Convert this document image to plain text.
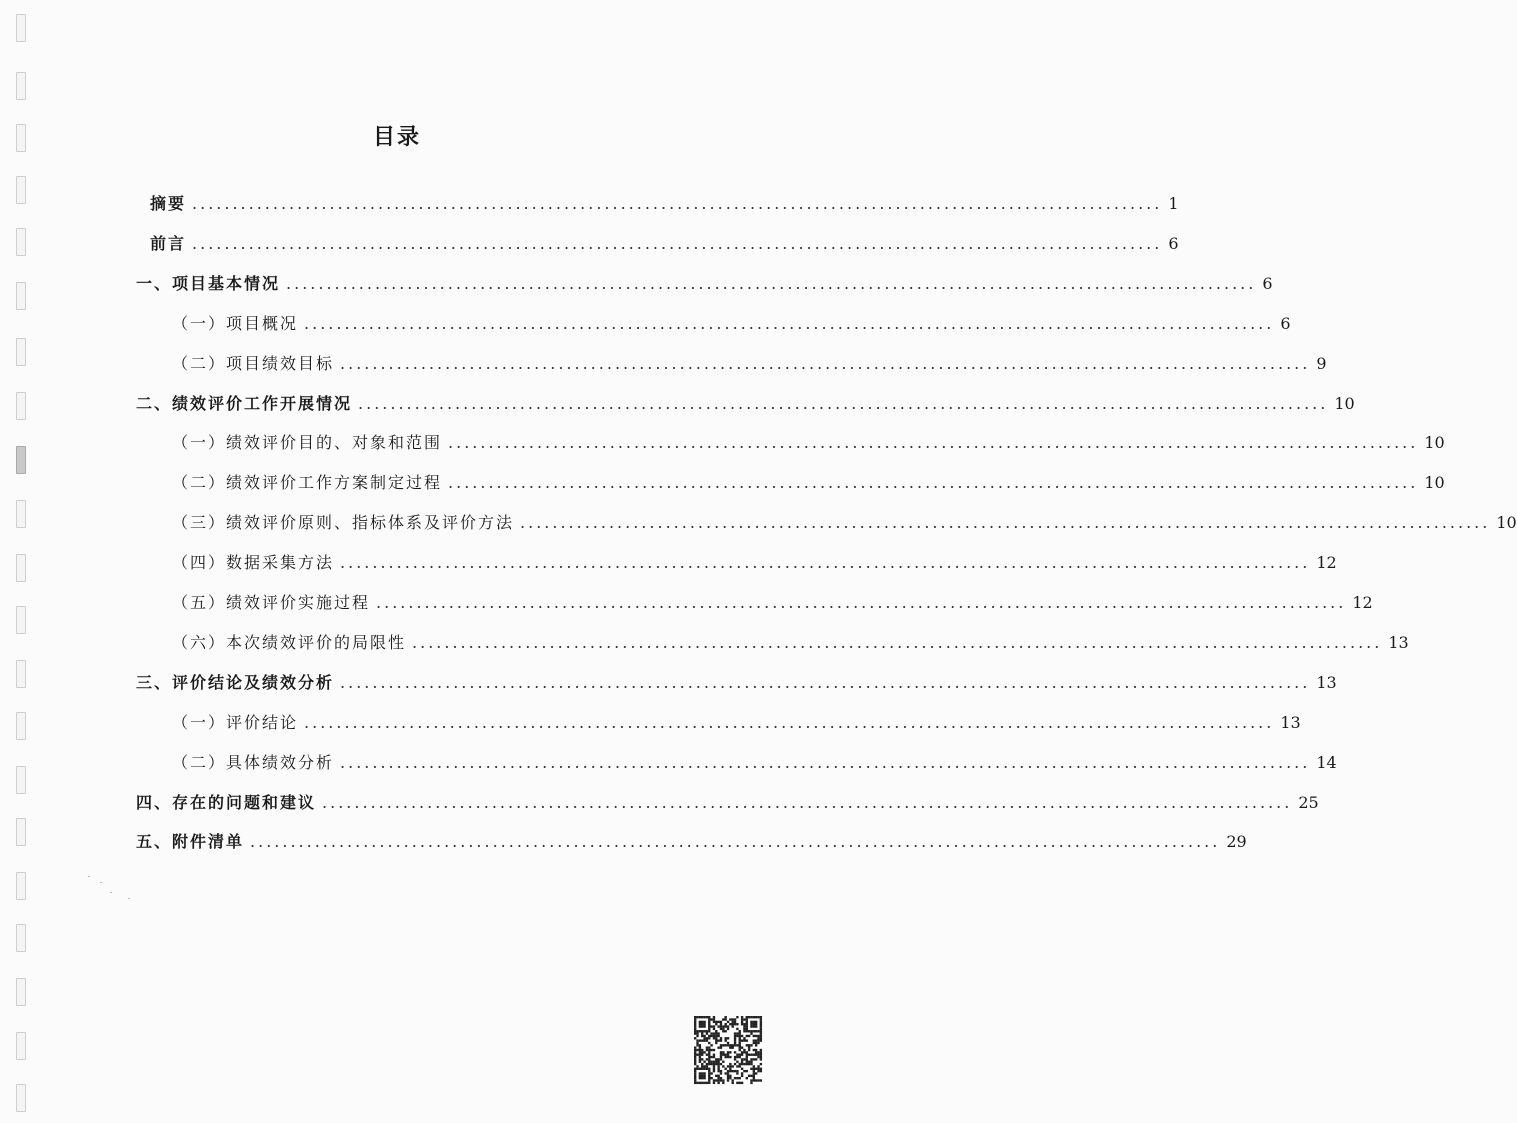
目录
摘要 ........................................................................................................................ 1
前言 ........................................................................................................................ 6
一、项目基本情况 ........................................................................................................................ 6
（一）项目概况 ........................................................................................................................ 6
（二）项目绩效目标 ........................................................................................................................ 9
二、绩效评价工作开展情况 ........................................................................................................................ 10
（一）绩效评价目的、对象和范围 ........................................................................................................................ 10
（二）绩效评价工作方案制定过程 ........................................................................................................................ 10
（三）绩效评价原则、指标体系及评价方法 ........................................................................................................................ 10
（四）数据采集方法 ........................................................................................................................ 12
（五）绩效评价实施过程 ........................................................................................................................ 12
（六）本次绩效评价的局限性 ........................................................................................................................ 13
三、评价结论及绩效分析 ........................................................................................................................ 13
（一）评价结论 ........................................................................................................................ 13
（二）具体绩效分析 ........................................................................................................................ 14
四、存在的问题和建议 ........................................................................................................................ 25
五、附件清单 ........................................................................................................................ 29
